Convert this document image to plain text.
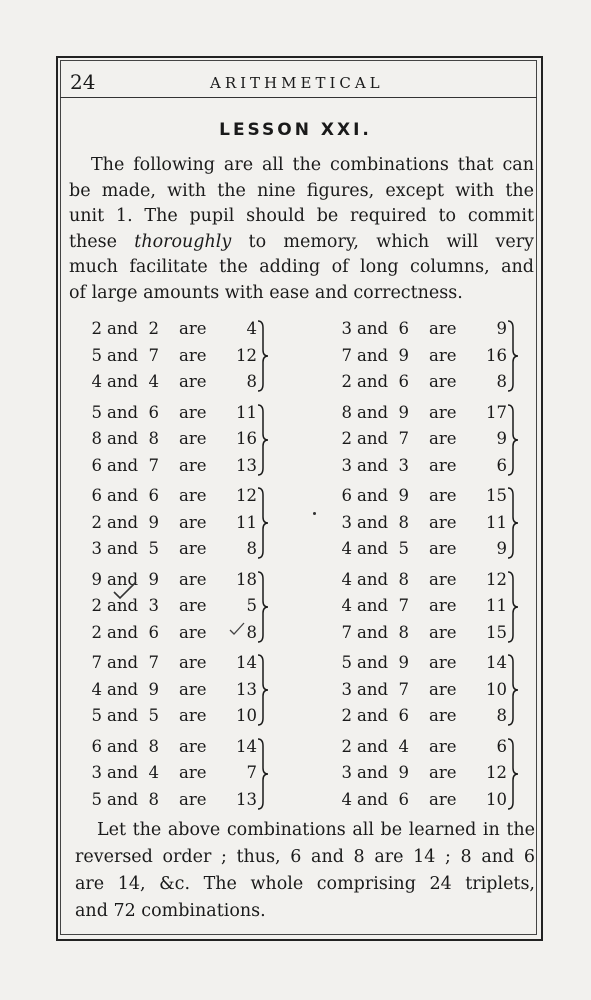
24	ARITHMETICAL
LESSON XXI.
The following are all the combinations that can
be made, with the nine figures, except with the
unit 1. The pupil should be required to commit
these thoroughly to memory, which will very
much facilitate the adding of long columns, and
of large amounts with ease and correctness.
2 and 2 are	4
5 and 7 are	12
4 and 4 are	8
5 and 6 are	11
8 and 8 are	16
6 and 7 are	13
6 and 6 are	12
2 and 9 are	11
3 and 5 are	8
9 and 9 are	18
2 and 3 are	5
2 and 6 are	8
7 and 7 are	14
4 and 9 are	13
5 and 5 are	10
6 and 8 are	14
3 and 4 are	7
5 and 8 are	13
3 and 6 are	9
7 and 9 are	16
2 and 6 are	8
8 and 9 are	17
2 and 7 are	9
3 and 3 are	6
6 and 9 are	15
3 and 8 are	11
4 and 5 are	9
4 and 8 are	12
4 and 7 are	11
7 and 8 are	15
5 and 9 are	14
3 and 7 are	10
2 and 6 are	8
2 and 4 are	6
3 and 9 are	12
4 and 6 are	10
Let the above combinations all be learned in the
reversed order ; thus, 6 and 8 are 14 ; 8 and 6
are 14, &c. The whole comprising 24 triplets,
and 72 combinations.
